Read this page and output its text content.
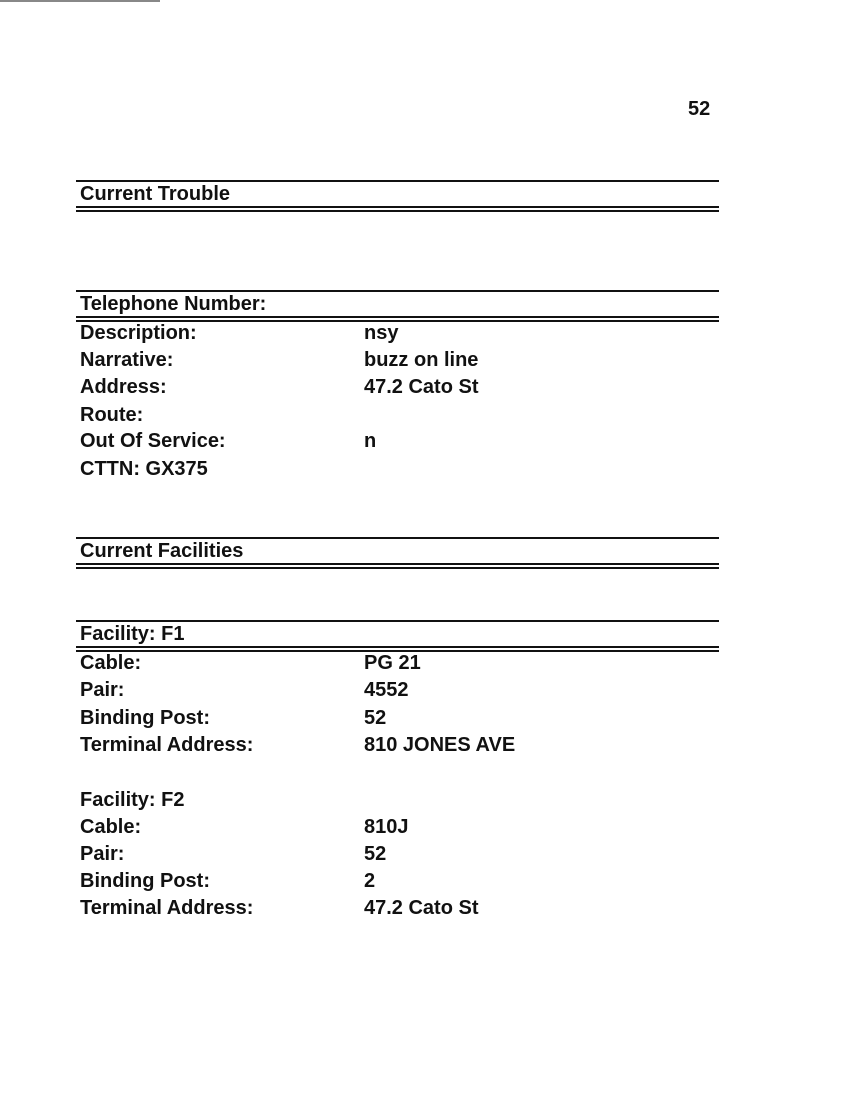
52
Current Trouble
Telephone Number:
Description:	nsy
Narrative:	buzz on line
Address:	47.2 Cato St
Route:
Out Of Service:	n
CTTN: GX375
Current Facilities
Facility: F1
Cable:	PG 21
Pair:	4552
Binding Post:	52
Terminal Address:	810 JONES AVE
Facility: F2
Cable:	810J
Pair:	52
Binding Post:	2
Terminal Address:	47.2 Cato St
